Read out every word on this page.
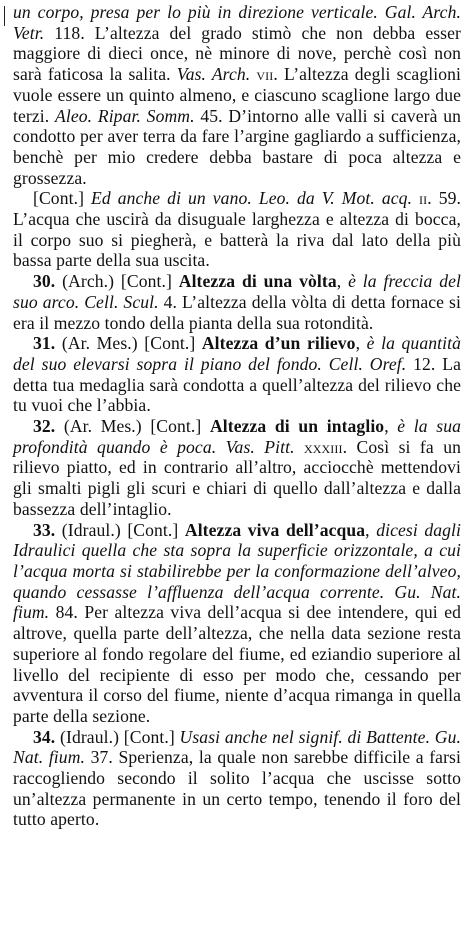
un corpo, presa per lo più in direzione verticale. Gal. Arch. Vetr. 118. L’altezza del grado stimò che non debba esser maggiore di dieci once, nè minore di nove, perchè così non sarà faticosa la salita. Vas. Arch. vii. L’altezza degli scaglioni vuole essere un quinto almeno, e ciascuno scaglione largo due terzi. Aleo. Ripar. Somm. 45. D’intorno alle valli si caverà un condotto per aver terra da fare l’argine gagliardo a sufficienza, benchè per mio credere debba bastare di poca altezza e grossezza.

[Cont.] Ed anche di un vano. Leo. da V. Mot. acq. ii. 59. L’acqua che uscirà da disuguale larghezza e altezza di bocca, il corpo suo si piegherà, e batterà la riva dal lato della più bassa parte della sua uscita.

30. (Arch.) [Cont.] Altezza di una vòlta, è la freccia del suo arco. Cell. Scul. 4. L’altezza della vòlta di detta fornace si era il mezzo tondo della pianta della sua rotondità.

31. (Ar. Mes.) [Cont.] Altezza d’un rilievo, è la quantità del suo elevarsi sopra il piano del fondo. Cell. Oref. 12. La detta tua medaglia sarà condotta a quell’altezza del rilievo che tu vuoi che l’abbia.

32. (Ar. Mes.) [Cont.] Altezza di un intaglio, è la sua profondità quando è poca. Vas. Pitt. xxxiii. Così si fa un rilievo piatto, ed in contrario all’altro, acciocchè mettendovi gli smalti pigli gli scuri e chiari di quello dall’altezza e dalla bassezza dell’intaglio.

33. (Idraul.) [Cont.] Altezza viva dell’acqua, dicesi dagli Idraulici quella che sta sopra la superficie orizzontale, a cui l’acqua morta si stabilirebbe per la conformazione dell’alveo, quando cessasse l’affluenza dell’acqua corrente. Gu. Nat. fium. 84. Per altezza viva dell’acqua si dee intendere, qui ed altrove, quella parte dell’altezza, che nella data sezione resta superiore al fondo regolare del fiume, ed eziandio superiore al livello del recipiente di esso per modo che, cessando per avventura il corso del fiume, niente d’acqua rimanga in quella parte della sezione.

34. (Idraul.) [Cont.] Usasi anche nel signif. di Battente. Gu. Nat. fium. 37. Sperienza, la quale non sarebbe difficile a farsi raccogliendo secondo il solito l’acqua che uscisse sotto un’altezza permanente in un certo tempo, tenendo il foro del tutto aperto.
